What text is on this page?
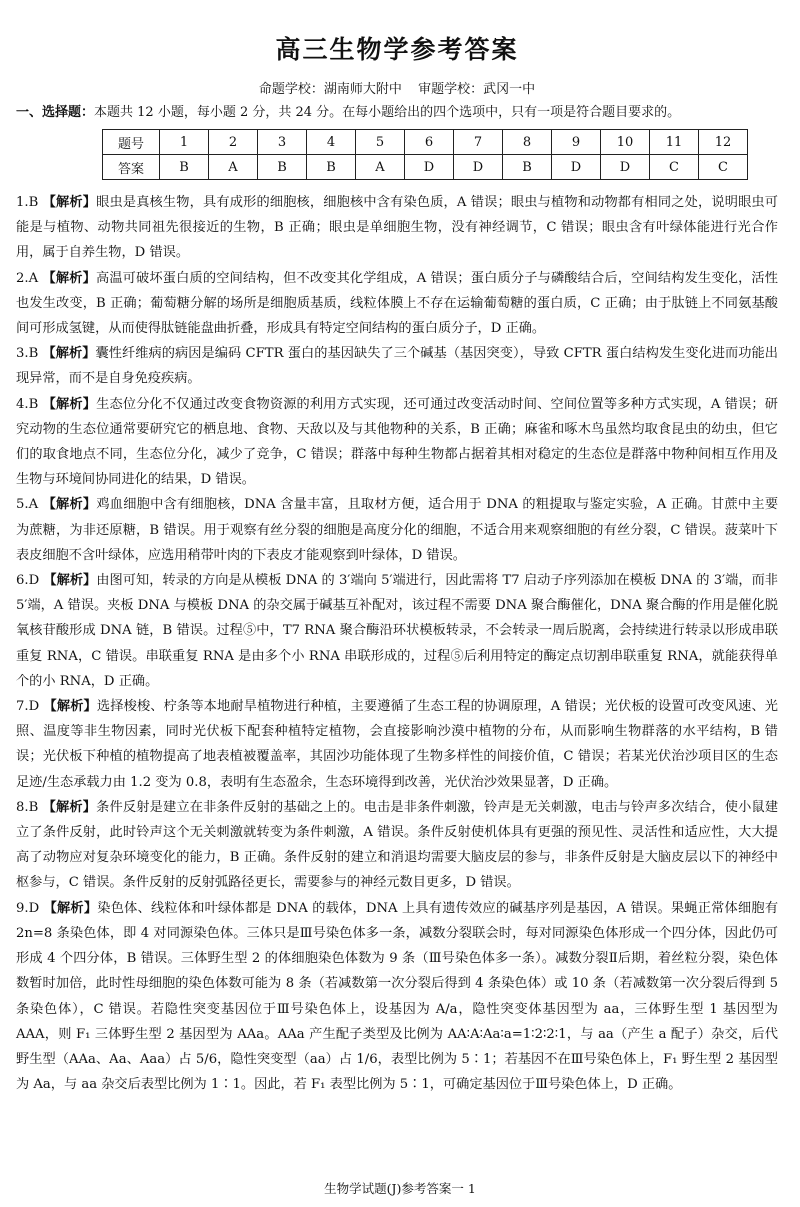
高三生物学参考答案
命题学校：湖南师大附中 审题学校：武冈一中
一、选择题：本题共 12 小题，每小题 2 分，共 24 分。在每小题给出的四个选项中，只有一项是符合题目要求的。
题号	1	2	3	4	5	6	7	8	9	10	11	12
答案	B	A	B	B	A	D	D	B	D	D	C	C

1.B 【解析】眼虫是真核生物，具有成形的细胞核，细胞核中含有染色质，A 错误；眼虫与植物和动物都有相同之处，说明眼虫可能是与植物、动物共同祖先很接近的生物，B 正确；眼虫是单细胞生物，没有神经调节，C 错误；眼虫含有叶绿体能进行光合作用，属于自养生物，D 错误。

2.A 【解析】高温可破坏蛋白质的空间结构，但不改变其化学组成，A 错误；蛋白质分子与磷酸结合后，空间结构发生变化，活性也发生改变，B 正确；葡萄糖分解的场所是细胞质基质，线粒体膜上不存在运输葡萄糖的蛋白质，C 正确；由于肽链上不同氨基酸间可形成氢键，从而使得肽链能盘曲折叠，形成具有特定空间结构的蛋白质分子，D 正确。

3.B 【解析】囊性纤维病的病因是编码 CFTR 蛋白的基因缺失了三个碱基（基因突变），导致 CFTR 蛋白结构发生变化进而功能出现异常，而不是自身免疫疾病。

4.B 【解析】生态位分化不仅通过改变食物资源的利用方式实现，还可通过改变活动时间、空间位置等多种方式实现，A 错误；研究动物的生态位通常要研究它的栖息地、食物、天敌以及与其他物种的关系，B 正确；麻雀和啄木鸟虽然均取食昆虫的幼虫，但它们的取食地点不同，生态位分化，减少了竞争，C 错误；群落中每种生物都占据着其相对稳定的生态位是群落中物种间相互作用及生物与环境间协同进化的结果，D 错误。

5.A 【解析】鸡血细胞中含有细胞核，DNA 含量丰富，且取材方便，适合用于 DNA 的粗提取与鉴定实验，A 正确。甘蔗中主要为蔗糖，为非还原糖，B 错误。用于观察有丝分裂的细胞是高度分化的细胞，不适合用来观察细胞的有丝分裂，C 错误。菠菜叶下表皮细胞不含叶绿体，应选用稍带叶肉的下表皮才能观察到叶绿体，D 错误。

6.D 【解析】由图可知，转录的方向是从模板 DNA 的 3′端向 5′端进行，因此需将 T7 启动子序列添加在模板 DNA 的 3′端，而非 5′端，A 错误。夹板 DNA 与模板 DNA 的杂交属于碱基互补配对，该过程不需要 DNA 聚合酶催化，DNA 聚合酶的作用是催化脱氧核苷酸形成 DNA 链，B 错误。过程⑤中，T7 RNA 聚合酶沿环状模板转录，不会转录一周后脱离，会持续进行转录以形成串联重复 RNA，C 错误。串联重复 RNA 是由多个小 RNA 串联形成的，过程⑤后利用特定的酶定点切割串联重复 RNA，就能获得单个的小 RNA，D 正确。

7.D 【解析】选择梭梭、柠条等本地耐旱植物进行种植，主要遵循了生态工程的协调原理，A 错误；光伏板的设置可改变风速、光照、温度等非生物因素，同时光伏板下配套种植特定植物，会直接影响沙漠中植物的分布，从而影响生物群落的水平结构，B 错误；光伏板下种植的植物提高了地表植被覆盖率，其固沙功能体现了生物多样性的间接价值，C 错误；若某光伏治沙项目区的生态足迹/生态承载力由 1.2 变为 0.8，表明有生态盈余，生态环境得到改善，光伏治沙效果显著，D 正确。

8.B 【解析】条件反射是建立在非条件反射的基础之上的。电击是非条件刺激，铃声是无关刺激，电击与铃声多次结合，使小鼠建立了条件反射，此时铃声这个无关刺激就转变为条件刺激，A 错误。条件反射使机体具有更强的预见性、灵活性和适应性，大大提高了动物应对复杂环境变化的能力，B 正确。条件反射的建立和消退均需要大脑皮层的参与，非条件反射是大脑皮层以下的神经中枢参与，C 错误。条件反射的反射弧路径更长，需要参与的神经元数目更多，D 错误。

9.D 【解析】染色体、线粒体和叶绿体都是 DNA 的载体，DNA 上具有遗传效应的碱基序列是基因，A 错误。果蝇正常体细胞有 2n=8 条染色体，即 4 对同源染色体。三体只是Ⅲ号染色体多一条，减数分裂联会时，每对同源染色体形成一个四分体，因此仍可形成 4 个四分体，B 错误。三体野生型 2 的体细胞染色体数为 9 条（Ⅲ号染色体多一条）。减数分裂Ⅱ后期，着丝粒分裂，染色体数暂时加倍，此时性母细胞的染色体数可能为 8 条（若减数第一次分裂后得到 4 条染色体）或 10 条（若减数第一次分裂后得到 5 条染色体），C 错误。若隐性突变基因位于Ⅲ号染色体上，设基因为 A/a，隐性突变体基因型为 aa，三体野生型 1 基因型为 AAA，则 F₁ 三体野生型 2 基因型为 AAa。AAa 产生配子类型及比例为 AA∶A∶Aa∶a=1∶2∶2∶1，与 aa（产生 a 配子）杂交，后代野生型（AAa、Aa、Aaa）占 5/6，隐性突变型（aa）占 1/6，表型比例为 5∶1；若基因不在Ⅲ号染色体上，F₁ 野生型 2 基因型为 Aa，与 aa 杂交后表型比例为 1∶1。因此，若 F₁ 表型比例为 5∶1，可确定基因位于Ⅲ号染色体上，D 正确。

生物学试题(J)参考答案一 1
